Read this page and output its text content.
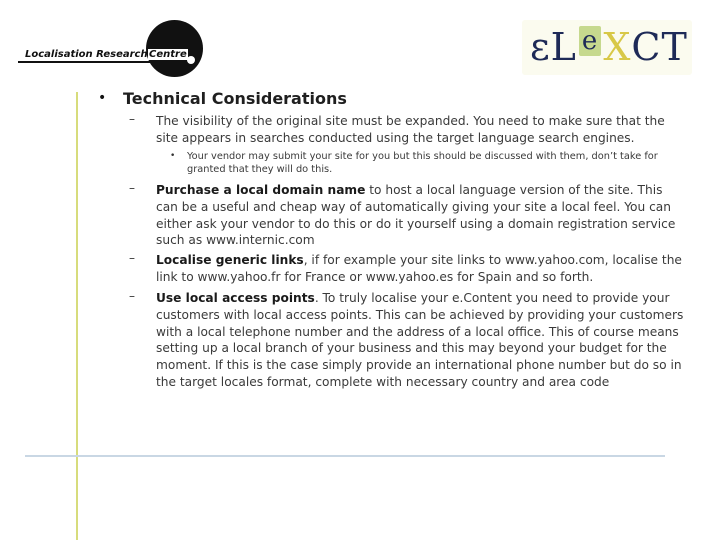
Localisation Research Centre	ɛL e X CT
• Technical Considerations
– The visibility of the original site must be expanded. You need to make sure that the site appears in searches conducted using the target language search engines.
• Your vendor may submit your site for you but this should be discussed with them, don’t take for granted that they will do this.
– Purchase a local domain name to host a local language version of the site. This can be a useful and cheap way of automatically giving your site a local feel. You can either ask your vendor to do this or do it yourself using a domain registration service such as www.internic.com
– Localise generic links, if for example your site links to www.yahoo.com, localise the link to www.yahoo.fr for France or www.yahoo.es for Spain and so forth.
– Use local access points. To truly localise your e.Content you need to provide your customers with local access points. This can be achieved by providing your customers with a local telephone number and the address of a local office. This of course means setting up a local branch of your business and this may beyond your budget for the moment. If this is the case simply provide an international phone number but do so in the target locales format, complete with necessary country and area code
